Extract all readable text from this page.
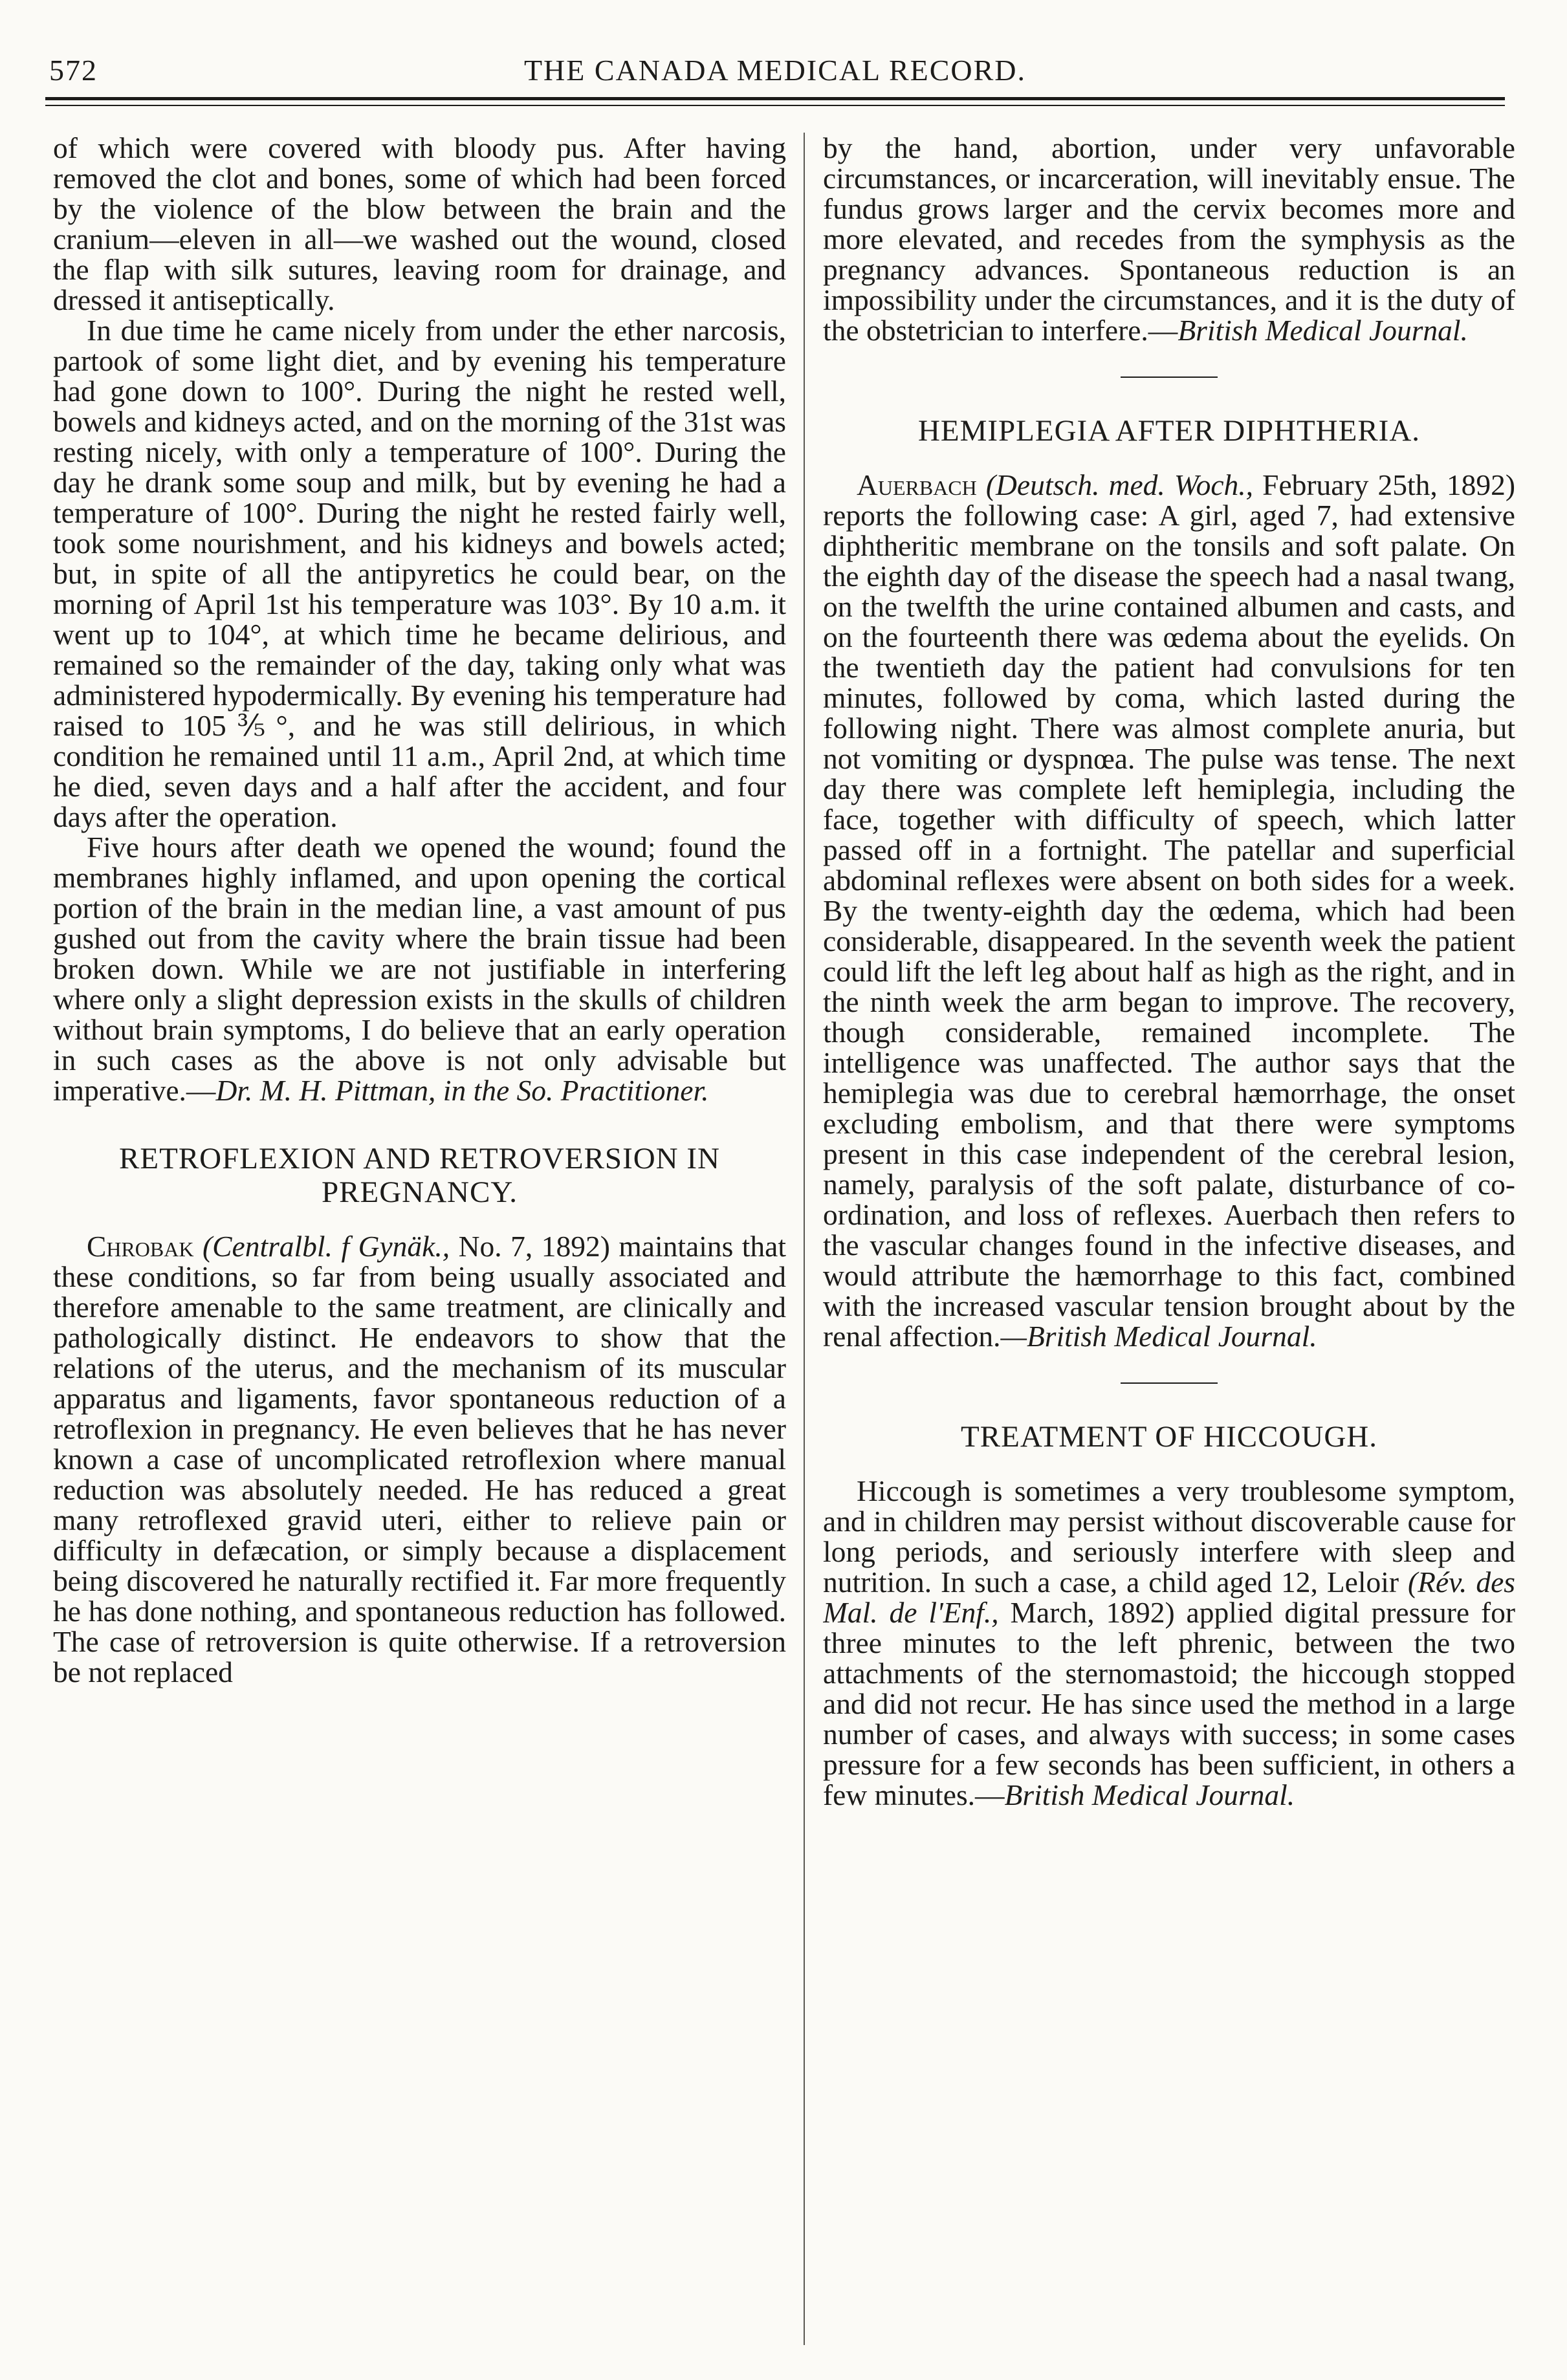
572	THE CANADA MEDICAL RECORD.

of which were covered with bloody pus. After having removed the clot and bones, some of which had been forced by the violence of the blow between the brain and the cranium—eleven in all—we washed out the wound, closed the flap with silk sutures, leaving room for drainage, and dressed it antiseptically.

In due time he came nicely from under the ether narcosis, partook of some light diet, and by evening his temperature had gone down to 100°. During the night he rested well, bowels and kidneys acted, and on the morning of the 31st was resting nicely, with only a temperature of 100°. During the day he drank some soup and milk, but by evening he had a temperature of 100°. During the night he rested fairly well, took some nourishment, and his kidneys and bowels acted; but, in spite of all the antipyretics he could bear, on the morning of April 1st his temperature was 103°. By 10 a.m. it went up to 104°, at which time he became delirious, and remained so the remainder of the day, taking only what was administered hypodermically. By evening his temperature had raised to 105⅗°, and he was still delirious, in which condition he remained until 11 a.m., April 2nd, at which time he died, seven days and a half after the accident, and four days after the operation.

Five hours after death we opened the wound; found the membranes highly inflamed, and upon opening the cortical portion of the brain in the median line, a vast amount of pus gushed out from the cavity where the brain tissue had been broken down. While we are not justifiable in interfering where only a slight depression exists in the skulls of children without brain symptoms, I do believe that an early operation in such cases as the above is not only advisable but imperative.—Dr. M. H. Pittman, in the So. Practitioner.

RETROFLEXION AND RETROVERSION IN PREGNANCY.

Chrobak (Centralbl. f Gynäk., No. 7, 1892) maintains that these conditions, so far from being usually associated and therefore amenable to the same treatment, are clinically and pathologically distinct. He endeavors to show that the relations of the uterus, and the mechanism of its muscular apparatus and ligaments, favor spontaneous reduction of a retroflexion in pregnancy. He even believes that he has never known a case of uncomplicated retroflexion where manual reduction was absolutely needed. He has reduced a great many retroflexed gravid uteri, either to relieve pain or difficulty in defæcation, or simply because a displacement being discovered he naturally rectified it. Far more frequently he has done nothing, and spontaneous reduction has followed. The case of retroversion is quite otherwise. If a retroversion be not replaced

by the hand, abortion, under very unfavorable circumstances, or incarceration, will inevitably ensue. The fundus grows larger and the cervix becomes more and more elevated, and recedes from the symphysis as the pregnancy advances. Spontaneous reduction is an impossibility under the circumstances, and it is the duty of the obstetrician to interfere.—British Medical Journal.

HEMIPLEGIA AFTER DIPHTHERIA.

Auerbach (Deutsch. med. Woch., February 25th, 1892) reports the following case: A girl, aged 7, had extensive diphtheritic membrane on the tonsils and soft palate. On the eighth day of the disease the speech had a nasal twang, on the twelfth the urine contained albumen and casts, and on the fourteenth there was œdema about the eyelids. On the twentieth day the patient had convulsions for ten minutes, followed by coma, which lasted during the following night. There was almost complete anuria, but not vomiting or dyspnœa. The pulse was tense. The next day there was complete left hemiplegia, including the face, together with difficulty of speech, which latter passed off in a fortnight. The patellar and superficial abdominal reflexes were absent on both sides for a week. By the twenty-eighth day the œdema, which had been considerable, disappeared. In the seventh week the patient could lift the left leg about half as high as the right, and in the ninth week the arm began to improve. The recovery, though considerable, remained incomplete. The intelligence was unaffected. The author says that the hemiplegia was due to cerebral hæmorrhage, the onset excluding embolism, and that there were symptoms present in this case independent of the cerebral lesion, namely, paralysis of the soft palate, disturbance of co-ordination, and loss of reflexes. Auerbach then refers to the vascular changes found in the infective diseases, and would attribute the hæmorrhage to this fact, combined with the increased vascular tension brought about by the renal affection.—British Medical Journal.

TREATMENT OF HICCOUGH.

Hiccough is sometimes a very troublesome symptom, and in children may persist without discoverable cause for long periods, and seriously interfere with sleep and nutrition. In such a case, a child aged 12, Leloir (Rév. des Mal. de l'Enf., March, 1892) applied digital pressure for three minutes to the left phrenic, between the two attachments of the sternomastoid; the hiccough stopped and did not recur. He has since used the method in a large number of cases, and always with success; in some cases pressure for a few seconds has been sufficient, in others a few minutes.—British Medical Journal.
